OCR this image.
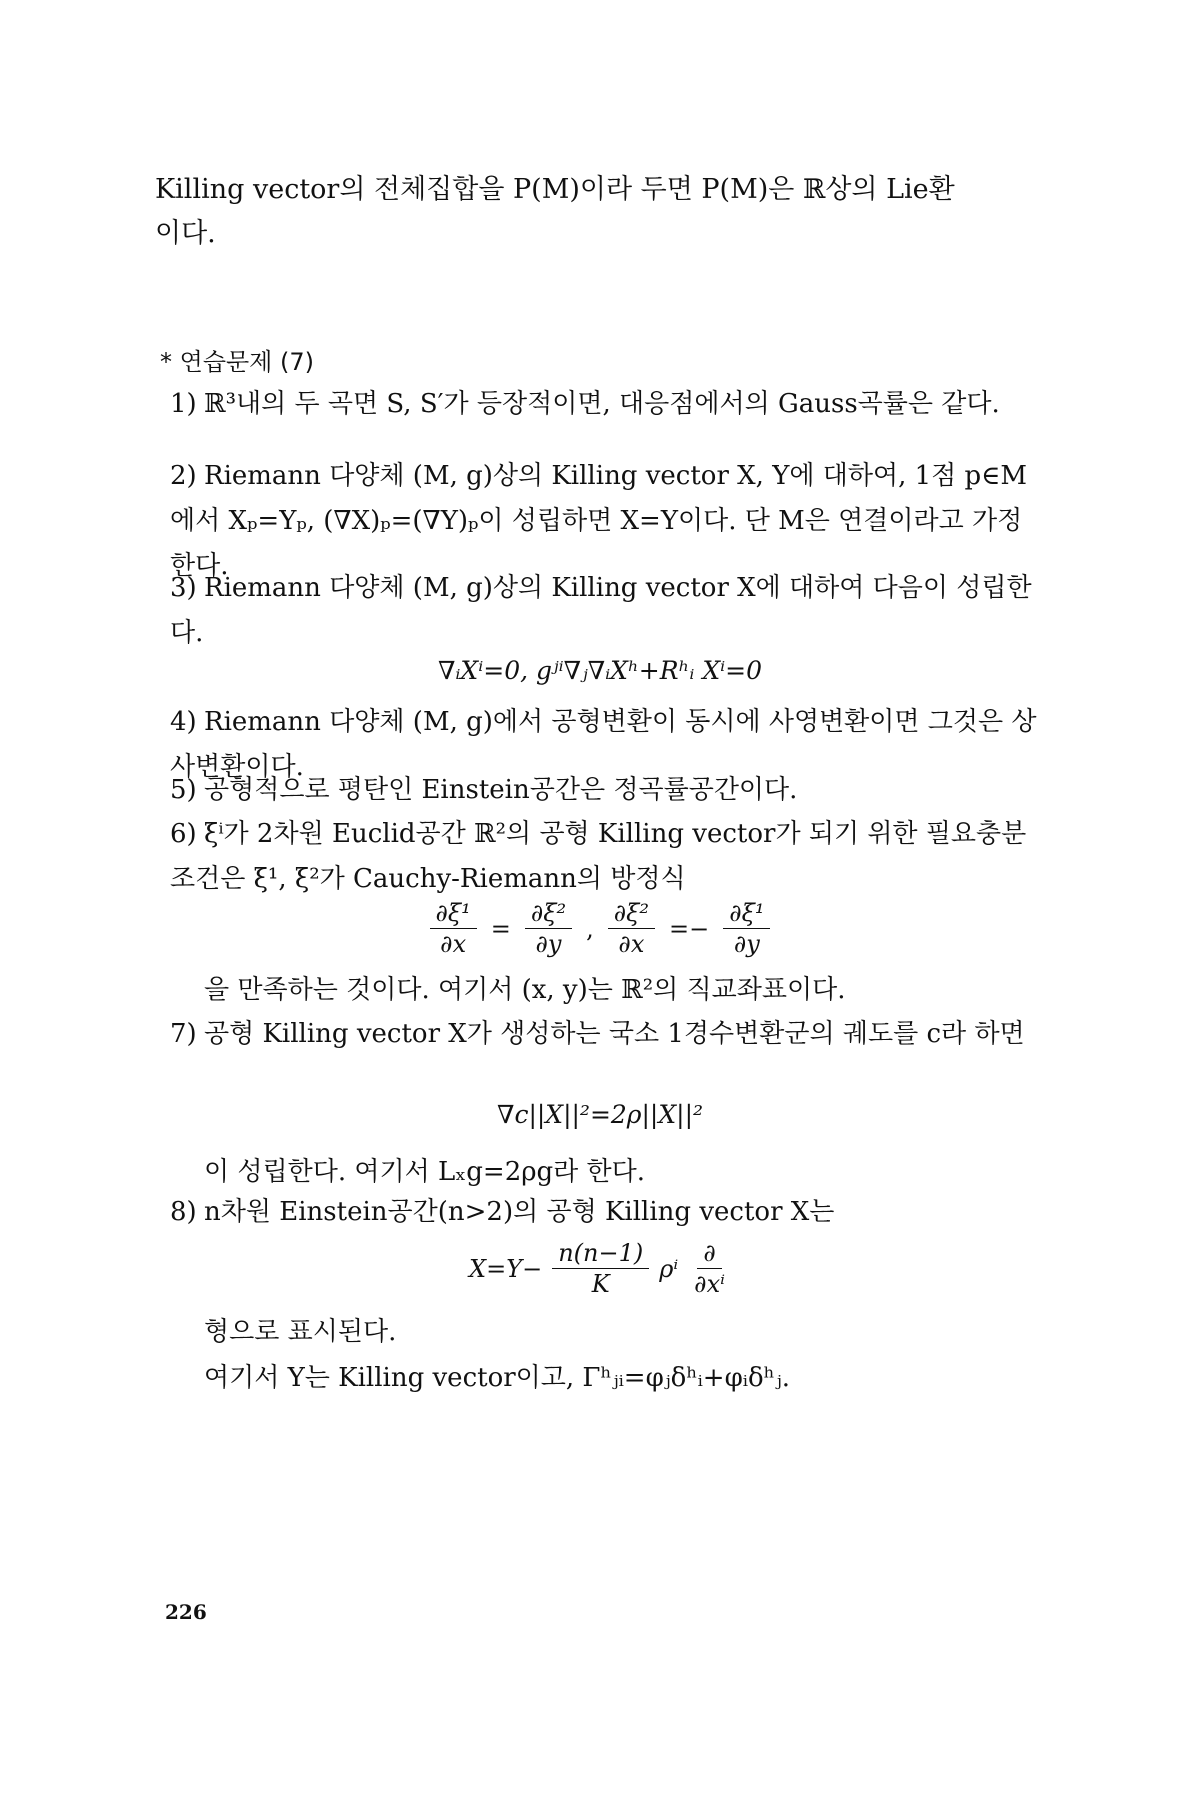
Killing vector의 전체집합을 P(M)이라 두면 P(M)은 ℝ상의 Lie환
이다.
* 연습문제 (7)
1) ℝ³내의 두 곡면 S, S′가 등장적이면, 대응점에서의 Gauss곡률은 같다.
2) Riemann 다양체 (M, g)상의 Killing vector X, Y에 대하여, 1점 p∈M에서 Xₚ=Yₚ, (∇X)ₚ=(∇Y)ₚ이 성립하면 X=Y이다. 단 M은 연결이라고 가정한다.
3) Riemann 다양체 (M, g)상의 Killing vector X에 대하여 다음이 성립한다.
∇ᵢXⁱ=0, gʲⁱ∇ⱼ∇ᵢXʰ+Rʰᵢ Xⁱ=0
4) Riemann 다양체 (M, g)에서 공형변환이 동시에 사영변환이면 그것은 상사변환이다.
5) 공형적으로 평탄인 Einstein공간은 정곡률공간이다.
6) ξⁱ가 2차원 Euclid공간 ℝ²의 공형 Killing vector가 되기 위한 필요충분조건은 ξ¹, ξ²가 Cauchy-Riemann의 방정식
$\frac{\text{∂ξ¹}}{\partial x} = \frac{\text{∂ξ²}}{\partial y}$ , $\frac{\text{∂ξ²}}{\partial x} =- \frac{\text{∂ξ¹}}{\partial y}$
을 만족하는 것이다. 여기서 (x, y)는 ℝ²의 직교좌표이다.
7) 공형 Killing vector X가 생성하는 국소 1경수변환군의 궤도를 c라 하면
∇c||X||²=2ρ||X||²
이 성립한다. 여기서 Lₓg=2ρg라 한다.
8) n차원 Einstein공간(n>2)의 공형 Killing vector X는
$X=Y- \frac{n(n-1)}{K}$ ρⁱ $\frac{\partial}{\text{∂xⁱ}}$
형으로 표시된다.
여기서 Y는 Killing vector이고, Γʰⱼᵢ=φⱼδʰᵢ+φᵢδʰⱼ.
226
